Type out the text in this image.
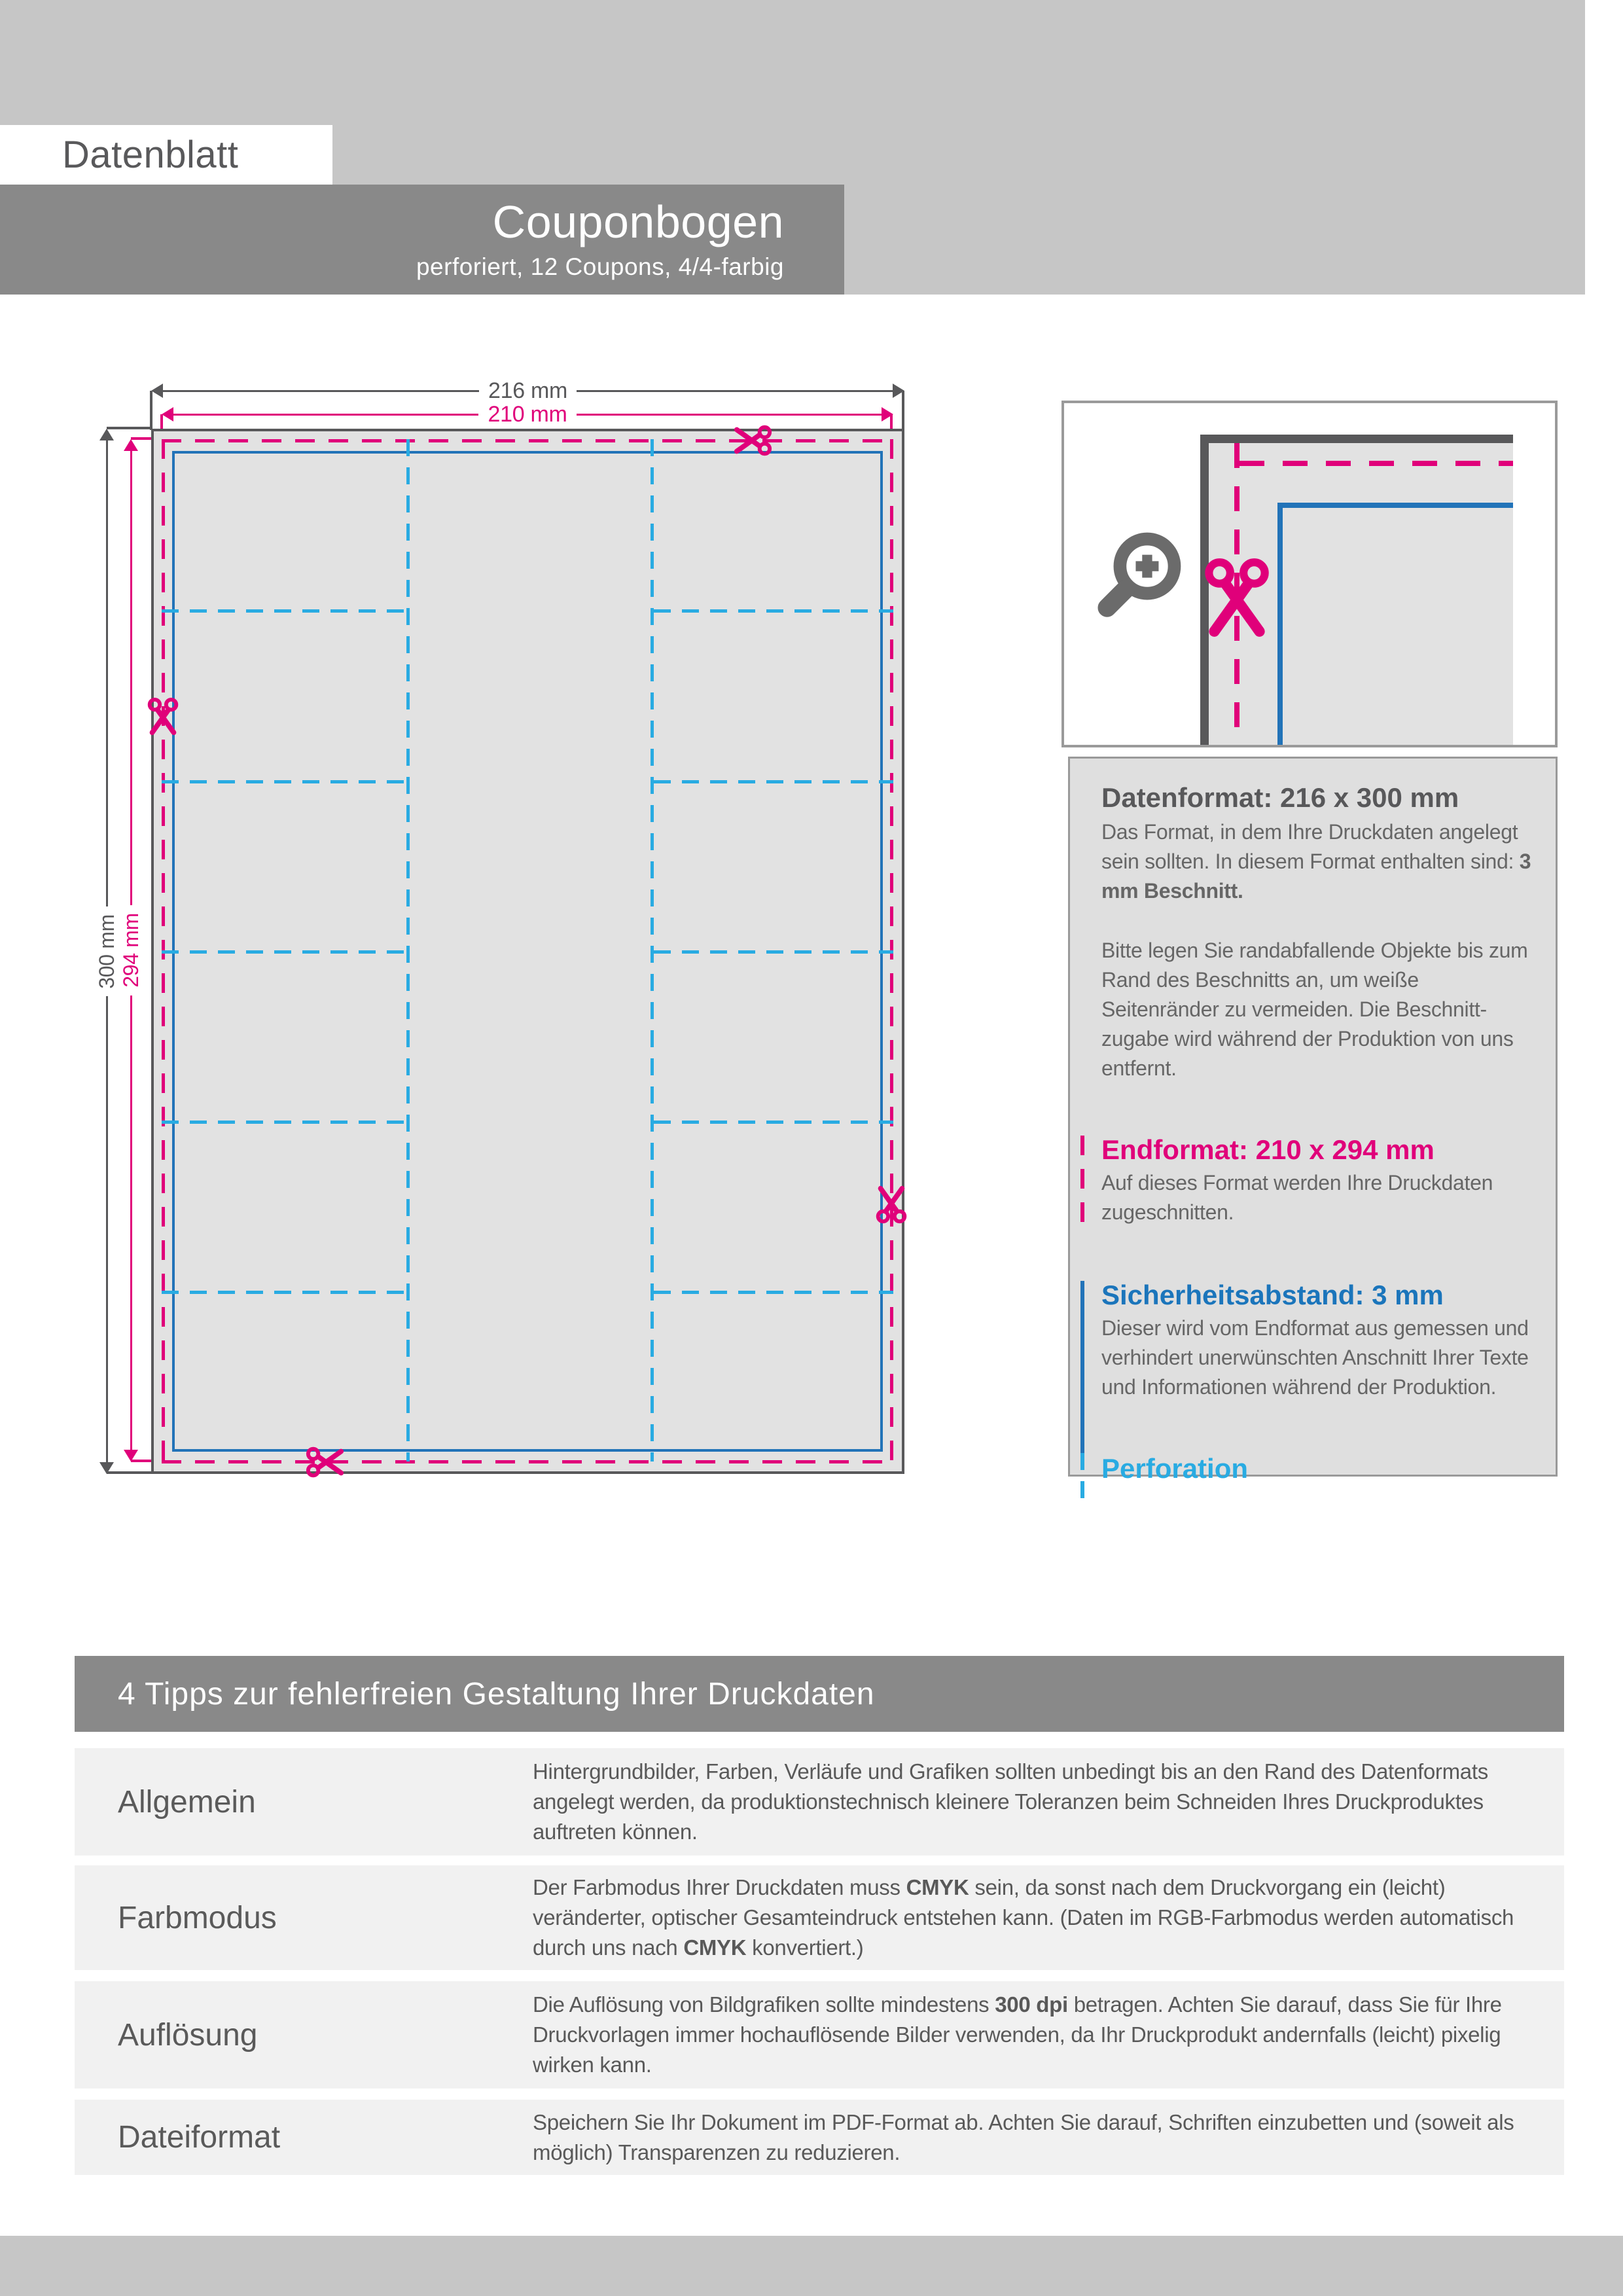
Datenblatt
Couponbogen
perforiert, 12 Coupons, 4/4-farbig
216 mm
210 mm
300 mm 294 mm
Datenformat: 216 x 300 mm

Das Format, in dem Ihre Druckdaten angelegt sein sollten. In diesem Format enthalten sind: 3 mm Beschnitt.

Bitte legen Sie randabfallende Objekte bis zum Rand des Beschnitts an, um weiße Seitenränder zu vermeiden. Die Beschnitt-zugabe wird während der Produktion von uns entfernt.

Endformat: 210 x 294 mm

Auf dieses Format werden Ihre Druckdaten zugeschnitten.

Sicherheitsabstand: 3 mm

Dieser wird vom Endformat aus gemessen und verhindert unerwünschten Anschnitt Ihrer Texte und Informationen während der Produktion.

Perforation
4 Tipps zur fehlerfreien Gestaltung Ihrer Druckdaten
Allgemein
Hintergrundbilder, Farben, Verläufe und Grafiken sollten unbedingt bis an den Rand des Datenformats angelegt werden, da produktionstechnisch kleinere Toleranzen beim Schneiden Ihres Druckproduktes auftreten können.
Farbmodus
Der Farbmodus Ihrer Druckdaten muss CMYK sein, da sonst nach dem Druckvorgang ein (leicht) veränderter, optischer Gesamteindruck entstehen kann. (Daten im RGB-Farbmodus werden automatisch durch uns nach CMYK konvertiert.)
Auflösung
Die Auflösung von Bildgrafiken sollte mindestens 300 dpi betragen. Achten Sie darauf, dass Sie für Ihre Druckvorlagen immer hochauflösende Bilder verwenden, da Ihr Druckprodukt andernfalls (leicht) pixelig wirken kann.
Dateiformat	Speichern Sie Ihr Dokument im PDF-Format ab. Achten Sie darauf, Schriften einzubetten und (soweit als möglich) Transparenzen zu reduzieren.
